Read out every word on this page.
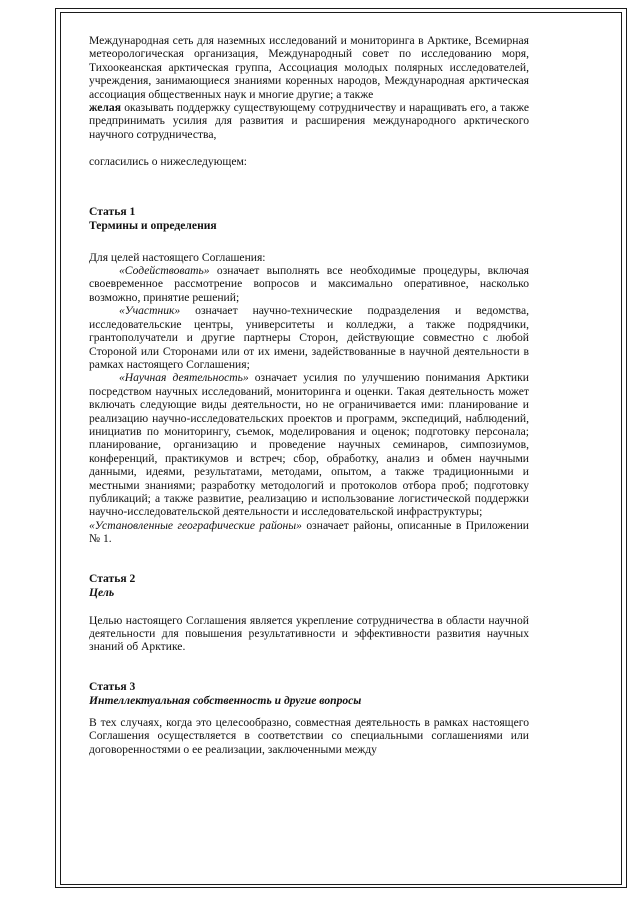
Международная сеть для наземных исследований и мониторинга в Арктике, Всемирная метеорологическая организация, Международный совет по исследованию моря, Тихоокеанская арктическая группа, Ассоциация молодых полярных исследователей, учреждения, занимающиеся знаниями коренных народов, Международная арктическая ассоциация общественных наук и многие другие; а также

желая оказывать поддержку существующему сотрудничеству и наращивать его, а также предпринимать усилия для развития и расширения международного арктического научного сотрудничества,

согласились о нижеследующем:

Статья 1

Термины и определения

Для целей настоящего Соглашения:

«Содействовать» означает выполнять все необходимые процедуры, включая своевременное рассмотрение вопросов и максимально оперативное, насколько возможно, принятие решений;

«Участник» означает научно-технические подразделения и ведомства, исследовательские центры, университеты и колледжи, а также подрядчики, грантополучатели и другие партнеры Сторон, действующие совместно с любой Стороной или Сторонами или от их имени, задействованные в научной деятельности в рамках настоящего Соглашения;

«Научная деятельность» означает усилия по улучшению понимания Арктики посредством научных исследований, мониторинга и оценки. Такая деятельность может включать следующие виды деятельности, но не ограничивается ими: планирование и реализацию научно-исследовательских проектов и программ, экспедиций, наблюдений, инициатив по мониторингу, съемок, моделирования и оценок; подготовку персонала; планирование, организацию и проведение научных семинаров, симпозиумов, конференций, практикумов и встреч; сбор, обработку, анализ и обмен научными данными, идеями, результатами, методами, опытом, а также традиционными и местными знаниями; разработку методологий и протоколов отбора проб; подготовку публикаций; а также развитие, реализацию и использование логистической поддержки научно-исследовательской деятельности и исследовательской инфраструктуры;

«Установленные географические районы» означает районы, описанные в Приложении № 1.

Статья 2

Цель

Целью настоящего Соглашения является укрепление сотрудничества в области научной деятельности для повышения результативности и эффективности развития научных знаний об Арктике.

Статья 3

Интеллектуальная собственность и другие вопросы

В тех случаях, когда это целесообразно, совместная деятельность в рамках настоящего Соглашения осуществляется в соответствии со специальными соглашениями или договоренностями о ее реализации, заключенными между
